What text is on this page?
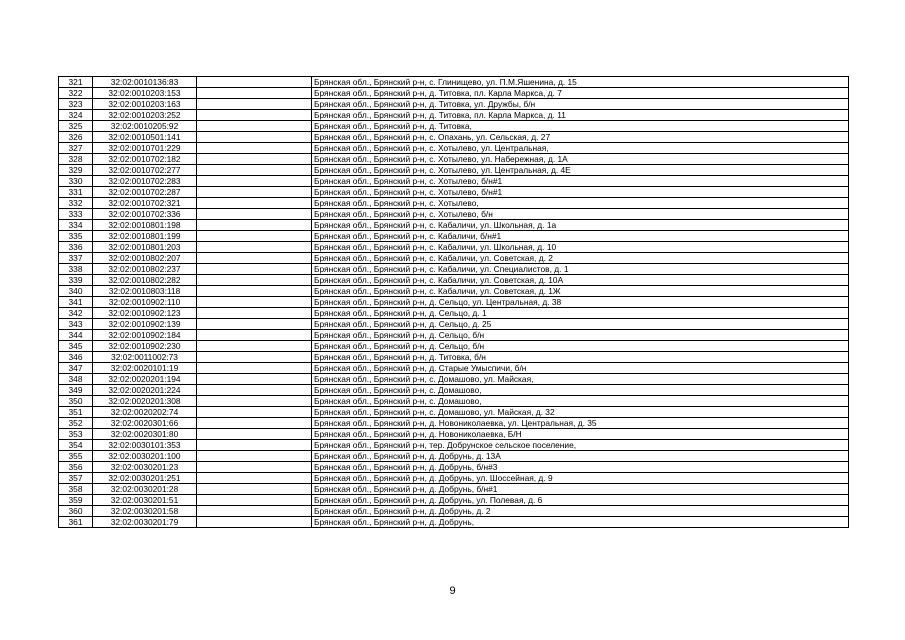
321	32:02:0010136:83		Брянская обл., Брянский р-н, с. Глинищево, ул. П.М.Яшенина, д. 15
322	32:02:0010203:153		Брянская обл., Брянский р-н, д. Титовка, пл. Карла Маркса, д. 7
323	32:02:0010203:163		Брянская обл., Брянский р-н, д. Титовка, ул. Дружбы, б/н
324	32:02:0010203:252		Брянская обл., Брянский р-н, д. Титовка, пл. Карла Маркса, д. 11
325	32:02:0010205:92		Брянская обл., Брянский р-н, д. Титовка,
326	32:02:0010501:141		Брянская обл., Брянский р-н, с. Опахань, ул. Сельская, д. 27
327	32:02:0010701:229		Брянская обл., Брянский р-н, с. Хотылево, ул. Центральная,
328	32:02:0010702:182		Брянская обл., Брянский р-н, с. Хотылево, ул. Набережная, д. 1А
329	32:02:0010702:277		Брянская обл., Брянский р-н, с. Хотылево, ул. Центральная, д. 4Е
330	32:02:0010702:283		Брянская обл., Брянский р-н, с. Хотылево, б/н#1
331	32:02:0010702:287		Брянская обл., Брянский р-н, с. Хотылево, б/н#1
332	32:02:0010702:321		Брянская обл., Брянский р-н, с. Хотылево,
333	32:02:0010702:336		Брянская обл., Брянский р-н, с. Хотылево, б/н
334	32:02:0010801:198		Брянская обл., Брянский р-н, с. Кабаличи, ул. Школьная, д. 1а
335	32:02:0010801:199		Брянская обл., Брянский р-н, с. Кабаличи, б/н#1
336	32:02:0010801:203		Брянская обл., Брянский р-н, с. Кабаличи, ул. Школьная, д. 10
337	32:02:0010802:207		Брянская обл., Брянский р-н, с. Кабаличи, ул. Советская, д. 2
338	32:02:0010802:237		Брянская обл., Брянский р-н, с. Кабаличи, ул. Специалистов, д. 1
339	32:02:0010802:282		Брянская обл., Брянский р-н, с. Кабаличи, ул. Советская, д. 10А
340	32:02:0010803:118		Брянская обл., Брянский р-н, с. Кабаличи, ул. Советская, д. 1Ж
341	32:02:0010902:110		Брянская обл., Брянский р-н, д. Сельцо, ул. Центральная, д. 38
342	32:02:0010902:123		Брянская обл., Брянский р-н, д. Сельцо, д. 1
343	32:02:0010902:139		Брянская обл., Брянский р-н, д. Сельцо, д. 25
344	32:02:0010902:184		Брянская обл., Брянский р-н, д. Сельцо, б/н
345	32:02:0010902:230		Брянская обл., Брянский р-н, д. Сельцо, б/н
346	32:02:0011002:73		Брянская обл., Брянский р-н, д. Титовка, б/н
347	32:02:0020101:19		Брянская обл., Брянский р-н, д. Старые Умыспичи, б/н
348	32:02:0020201:194		Брянская обл., Брянский р-н, с. Домашово, ул. Майская,
349	32:02:0020201:224		Брянская обл., Брянский р-н, с. Домашово,
350	32:02:0020201:308		Брянская обл., Брянский р-н, с. Домашово,
351	32:02:0020202:74		Брянская обл., Брянский р-н, с. Домашово, ул. Майская, д. 32
352	32:02:0020301:66		Брянская обл., Брянский р-н, д. Новониколаевка, ул. Центральная, д. 35
353	32:02:0020301:80		Брянская обл., Брянский р-н, д. Новониколаевка, Б/Н
354	32:02:0030101:353		Брянская обл., Брянский р-н, тер. Добрунское сельское поселение,
355	32:02:0030201:100		Брянская обл., Брянский р-н, д. Добрунь, д. 13А
356	32:02:0030201:23		Брянская обл., Брянский р-н, д. Добрунь, б/н#3
357	32:02:0030201:251		Брянская обл., Брянский р-н, д. Добрунь, ул. Шоссейная, д. 9
358	32:02:0030201:28		Брянская обл., Брянский р-н, д. Добрунь, б/н#1
359	32:02:0030201:51		Брянская обл., Брянский р-н, д. Добрунь, ул. Полевая, д. 6
360	32:02:0030201:58		Брянская обл., Брянский р-н, д. Добрунь, д. 2
361	32:02:0030201:79		Брянская обл., Брянский р-н, д. Добрунь,
9
